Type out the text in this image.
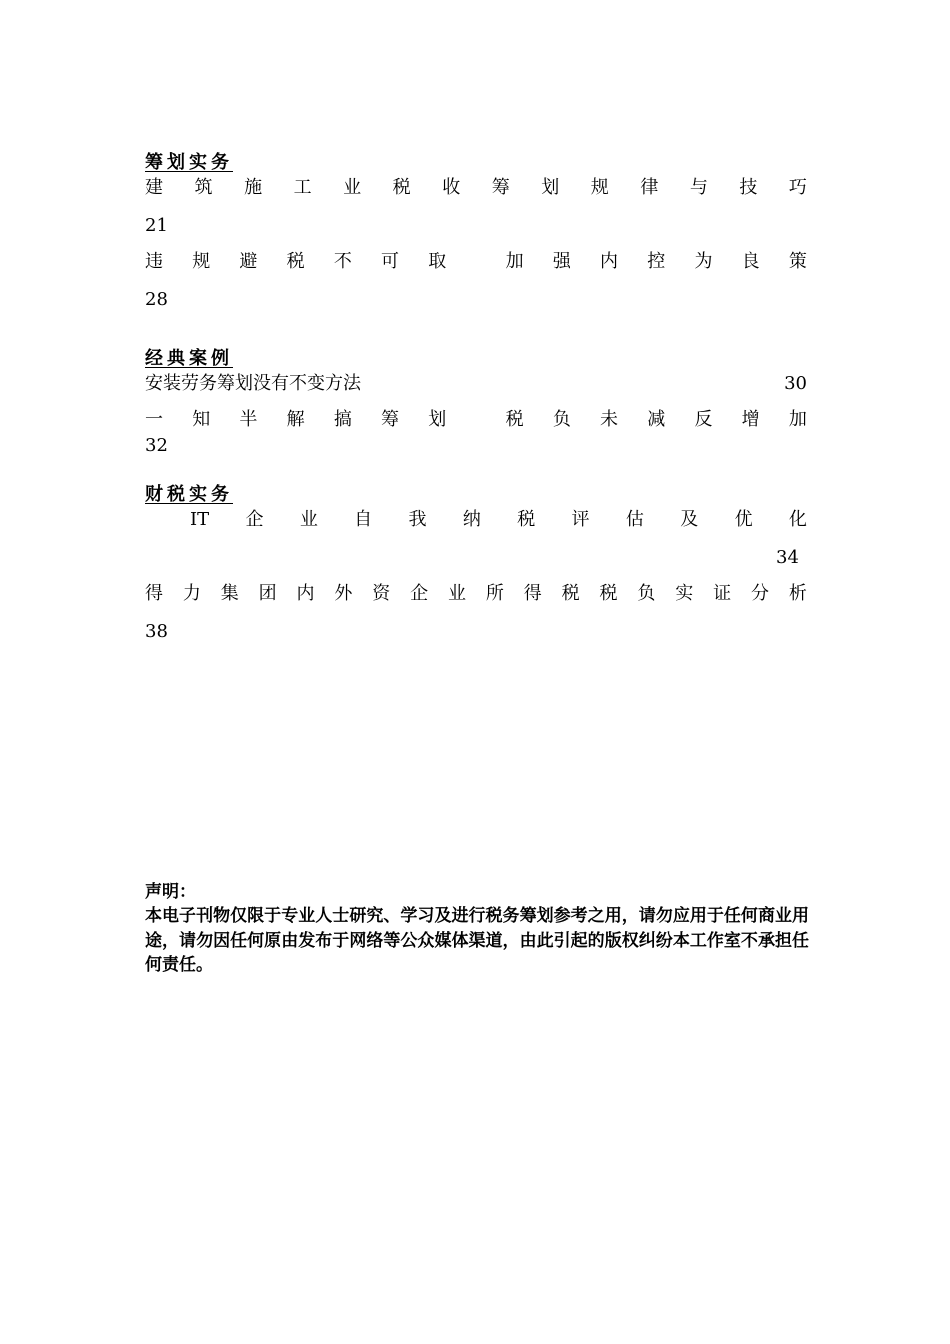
筹划实务
建 筑 施 工 业 税 收 筹 划 规 律 与 技 巧
21
违 规 避 税 不 可 取	加 强 内 控 为 良 策
28
经典案例
安装劳务筹划没有不变方法	30
一 知 半 解 搞 筹 划	税 负 未 减 反 增 加
32
财税实务
IT 企 业 自 我 纳 税 评 估 及 优 化
34
得 力 集 团 内 外 资 企 业 所 得 税 税 负 实 证 分 析
38
声明：
本电子刊物仅限于专业人士研究、学习及进行税务筹划参考之用，请勿应用于任何商业用途，请勿因任何原由发布于网络等公众媒体渠道，由此引起的版权纠纷本工作室不承担任何责任。
